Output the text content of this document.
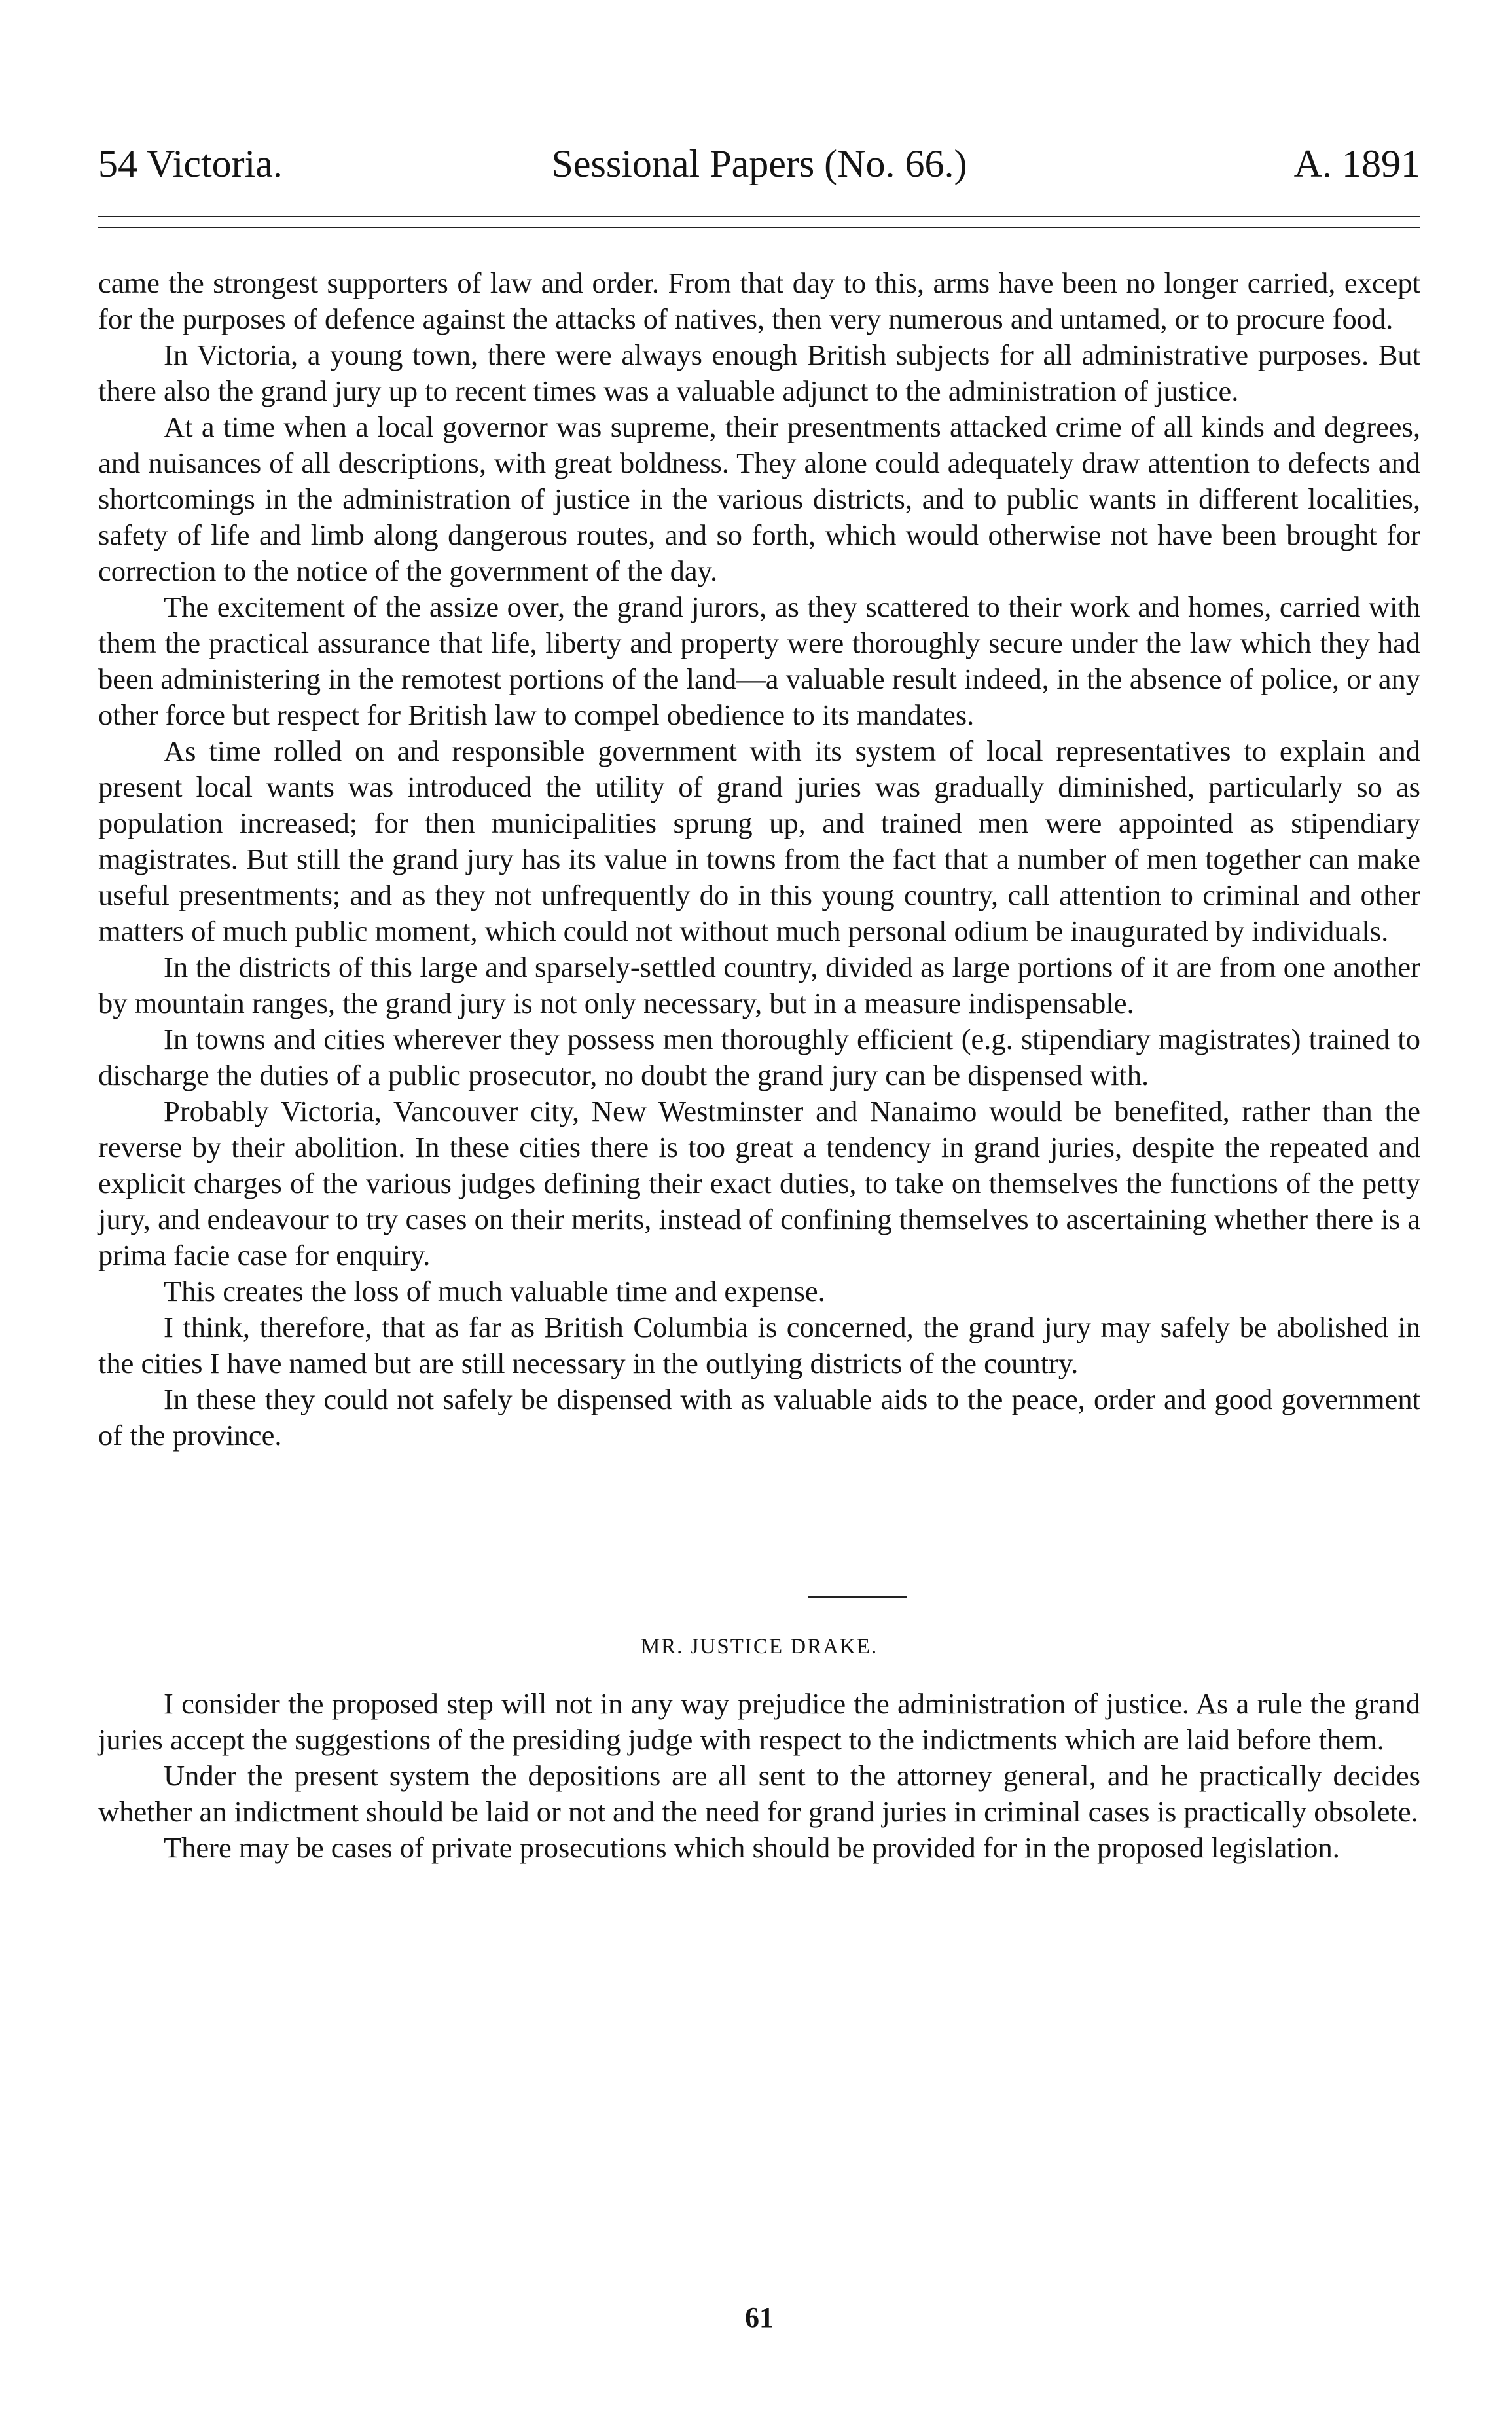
Sessional Papers (No. 66.)
54 Victoria.	A. 1891

came the strongest supporters of law and order. From that day to this, arms have been no longer carried, except for the purposes of defence against the attacks of natives, then very numerous and untamed, or to procure food.

In Victoria, a young town, there were always enough British subjects for all administrative purposes. But there also the grand jury up to recent times was a valuable adjunct to the administration of justice.

At a time when a local governor was supreme, their presentments attacked crime of all kinds and degrees, and nuisances of all descriptions, with great boldness. They alone could adequately draw attention to defects and shortcomings in the administration of justice in the various districts, and to public wants in different localities, safety of life and limb along dangerous routes, and so forth, which would otherwise not have been brought for correction to the notice of the government of the day.

The excitement of the assize over, the grand jurors, as they scattered to their work and homes, carried with them the practical assurance that life, liberty and property were thoroughly secure under the law which they had been administering in the remotest portions of the land—a valuable result indeed, in the absence of police, or any other force but respect for British law to compel obedience to its mandates.

As time rolled on and responsible government with its system of local representatives to explain and present local wants was introduced the utility of grand juries was gradually diminished, particularly so as population increased; for then municipalities sprung up, and trained men were appointed as stipendiary magistrates. But still the grand jury has its value in towns from the fact that a number of men together can make useful presentments; and as they not unfrequently do in this young country, call attention to criminal and other matters of much public moment, which could not without much personal odium be inaugurated by individuals.

In the districts of this large and sparsely-settled country, divided as large portions of it are from one another by mountain ranges, the grand jury is not only necessary, but in a measure indispensable.

In towns and cities wherever they possess men thoroughly efficient (e.g. stipendiary magistrates) trained to discharge the duties of a public prosecutor, no doubt the grand jury can be dispensed with.

Probably Victoria, Vancouver city, New Westminster and Nanaimo would be benefited, rather than the reverse by their abolition. In these cities there is too great a tendency in grand juries, despite the repeated and explicit charges of the various judges defining their exact duties, to take on themselves the functions of the petty jury, and endeavour to try cases on their merits, instead of confining themselves to ascertaining whether there is a prima facie case for enquiry.

This creates the loss of much valuable time and expense.

I think, therefore, that as far as British Columbia is concerned, the grand jury may safely be abolished in the cities I have named but are still necessary in the outlying districts of the country.

In these they could not safely be dispensed with as valuable aids to the peace, order and good government of the province.

MR. JUSTICE DRAKE.

I consider the proposed step will not in any way prejudice the administration of justice. As a rule the grand juries accept the suggestions of the presiding judge with respect to the indictments which are laid before them.

Under the present system the depositions are all sent to the attorney general, and he practically decides whether an indictment should be laid or not and the need for grand juries in criminal cases is practically obsolete.

There may be cases of private prosecutions which should be provided for in the proposed legislation.

61
